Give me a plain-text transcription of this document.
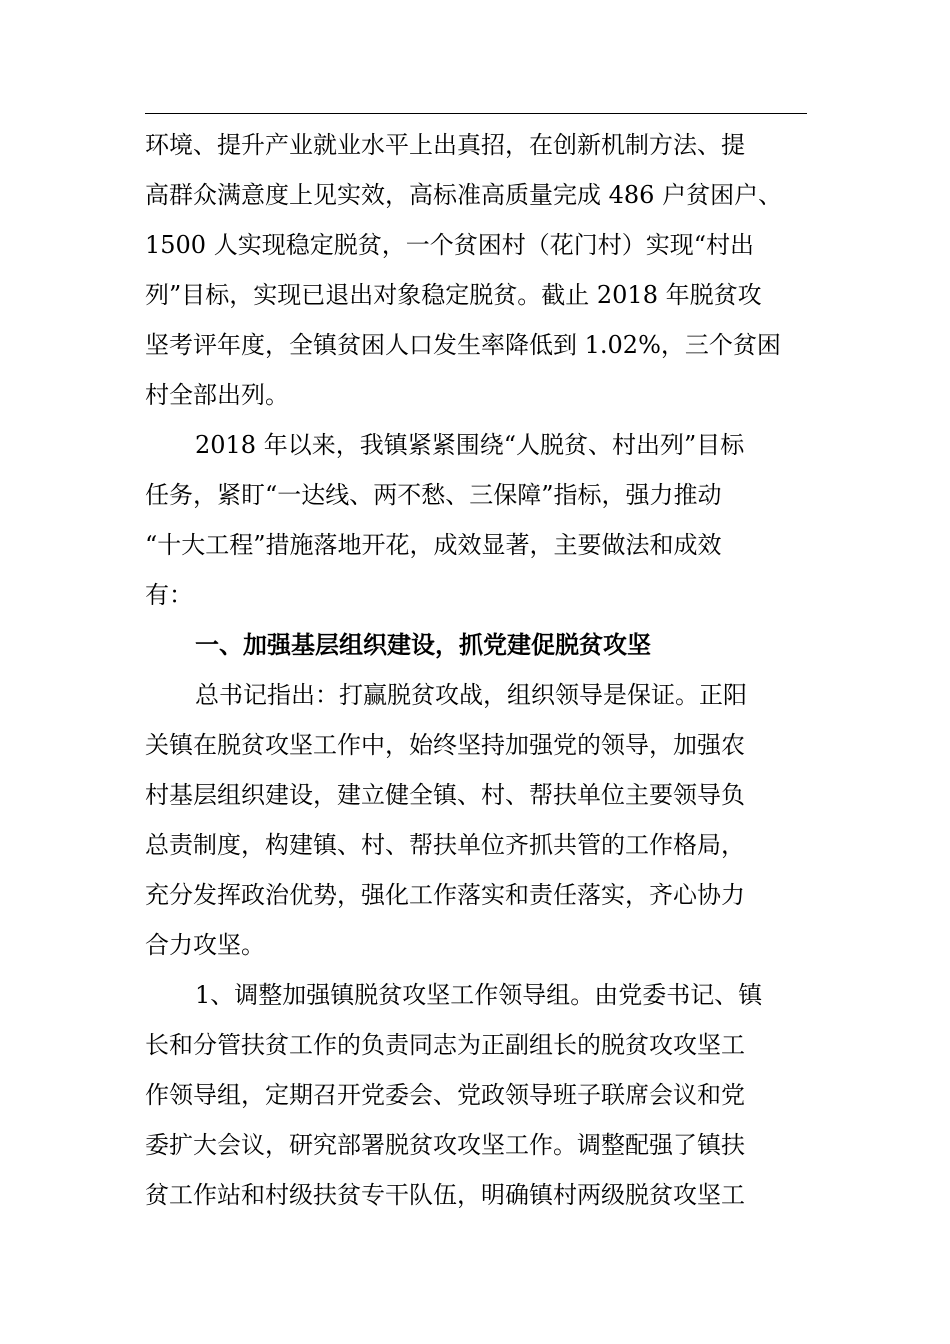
环境、提升产业就业水平上出真招，在创新机制方法、提
高群众满意度上见实效，高标准高质量完成 486 户贫困户、
1500 人实现稳定脱贫，一个贫困村（花门村）实现“村出
列”目标，实现已退出对象稳定脱贫。截止 2018 年脱贫攻
坚考评年度，全镇贫困人口发生率降低到 1.02%，三个贫困
村全部出列。
2018 年以来，我镇紧紧围绕“人脱贫、村出列”目标
任务，紧盯“一达线、两不愁、三保障”指标，强力推动
“十大工程”措施落地开花，成效显著，主要做法和成效
有：
一、加强基层组织建设，抓党建促脱贫攻坚
总书记指出：打赢脱贫攻战，组织领导是保证。正阳
关镇在脱贫攻坚工作中，始终坚持加强党的领导，加强农
村基层组织建设，建立健全镇、村、帮扶单位主要领导负
总责制度，构建镇、村、帮扶单位齐抓共管的工作格局，
充分发挥政治优势，强化工作落实和责任落实，齐心协力
合力攻坚。
1、调整加强镇脱贫攻坚工作领导组。由党委书记、镇
长和分管扶贫工作的负责同志为正副组长的脱贫攻攻坚工
作领导组，定期召开党委会、党政领导班子联席会议和党
委扩大会议，研究部署脱贫攻攻坚工作。调整配强了镇扶
贫工作站和村级扶贫专干队伍，明确镇村两级脱贫攻坚工
